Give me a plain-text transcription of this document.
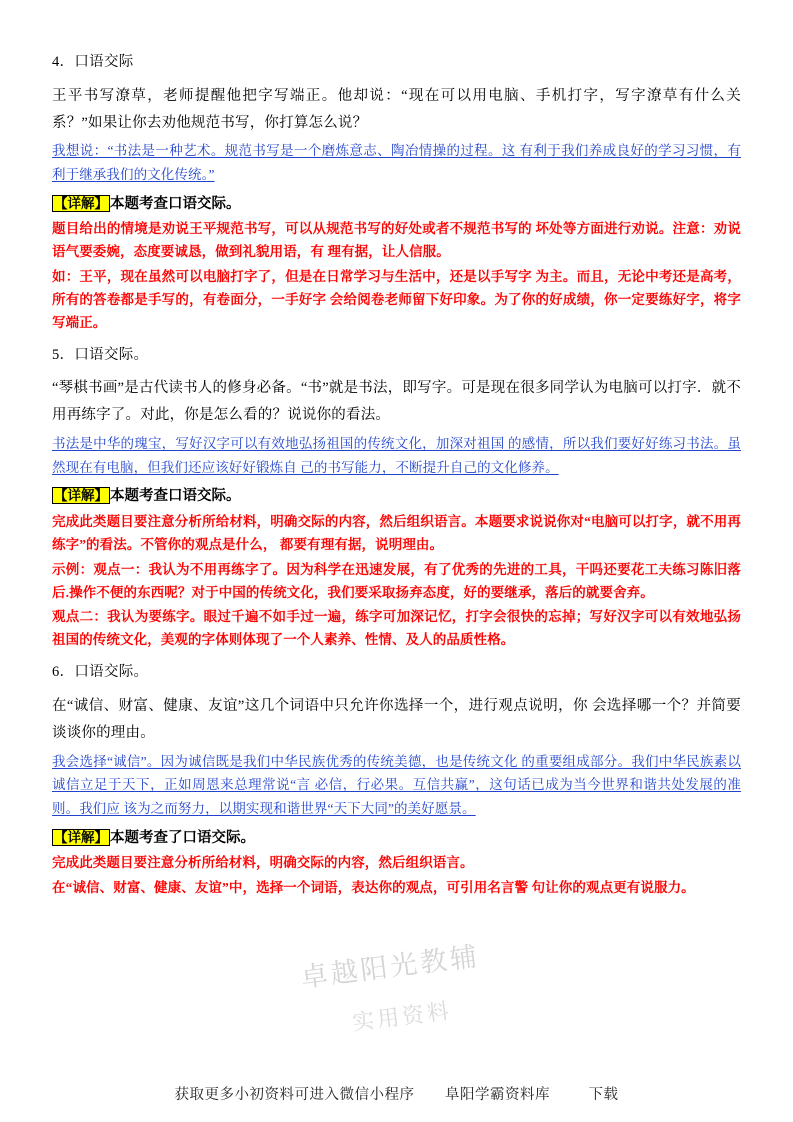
4．口语交际

王平书写潦草，老师提醒他把字写端正。他却说：“现在可以用电脑、手机打字，写字潦草有什么关系？”如果让你去劝他规范书写，你打算怎么说？

我想说：“书法是一种艺术。规范书写是一个磨炼意志、陶冶情操的过程。这 有利于我们养成良好的学习习惯，有利于继承我们的文化传统。”

【详解】 本题考查口语交际。

题目给出的情境是劝说王平规范书写，可以从规范书写的好处或者不规范书写的 坏处等方面进行劝说。注意：劝说语气要委婉，态度要诚恳，做到礼貌用语，有 理有据，让人信服。

如：王平，现在虽然可以电脑打字了，但是在日常学习与生活中，还是以手写字 为主。而且，无论中考还是高考，所有的答卷都是手写的，有卷面分，一手好字 会给阅卷老师留下好印象。为了你的好成绩，你一定要练好字，将字写端正。

5．口语交际。

“琴棋书画”是古代读书人的修身必备。“书”就是书法，即写字。可是现在很多同学认为电脑可以打字．就不用再练字了。对此，你是怎么看的？说说你的看法。

书法是中华的瑰宝，写好汉字可以有效地弘扬祖国的传统文化，加深对祖国 的感情，所以我们要好好练习书法。虽然现在有电脑，但我们还应该好好锻炼自 己的书写能力，不断提升自己的文化修养。

【详解】 本题考查口语交际。

完成此类题目要注意分析所给材料，明确交际的内容，然后组织语言。本题要求说说你对“电脑可以打字，就不用再练字”的看法。不管你的观点是什么， 都要有理有据，说明理由。

示例：观点一：我认为不用再练字了。因为科学在迅速发展，有了优秀的先进的工具，干吗还要花工夫练习陈旧落后.操作不便的东西呢？对于中国的传统文化，我们要采取扬弃态度，好的要继承，落后的就要舍弃。

观点二：我认为要练字。眼过千遍不如手过一遍，练字可加深记忆，打字会很快的忘掉；写好汉字可以有效地弘扬祖国的传统文化，美观的字体则体现了一个人素养、性情、及人的品质性格。

6．口语交际。

在“诚信、财富、健康、友谊”这几个词语中只允许你选择一个，进行观点说明，你 会选择哪一个？并简要谈谈你的理由。

我会选择“诚信”。因为诚信既是我们中华民族优秀的传统美德，也是传统文化 的重要组成部分。我们中华民族素以诚信立足于天下，正如周恩来总理常说“言 必信，行必果。互信共赢”，这句话已成为当今世界和谐共处发展的准则。我们应 该为之而努力，以期实现和谐世界“天下大同”的美好愿景。

【详解】 本题考查了口语交际。

完成此类题目要注意分析所给材料，明确交际的内容，然后组织语言。

在“诚信、财富、健康、友谊”中，选择一个词语，表达你的观点，可引用名言警 句让你的观点更有说服力。

卓越阳光教辅
实用资料
获取更多小初资料可进入微信小程序 阜阳学霸资料库	下载
